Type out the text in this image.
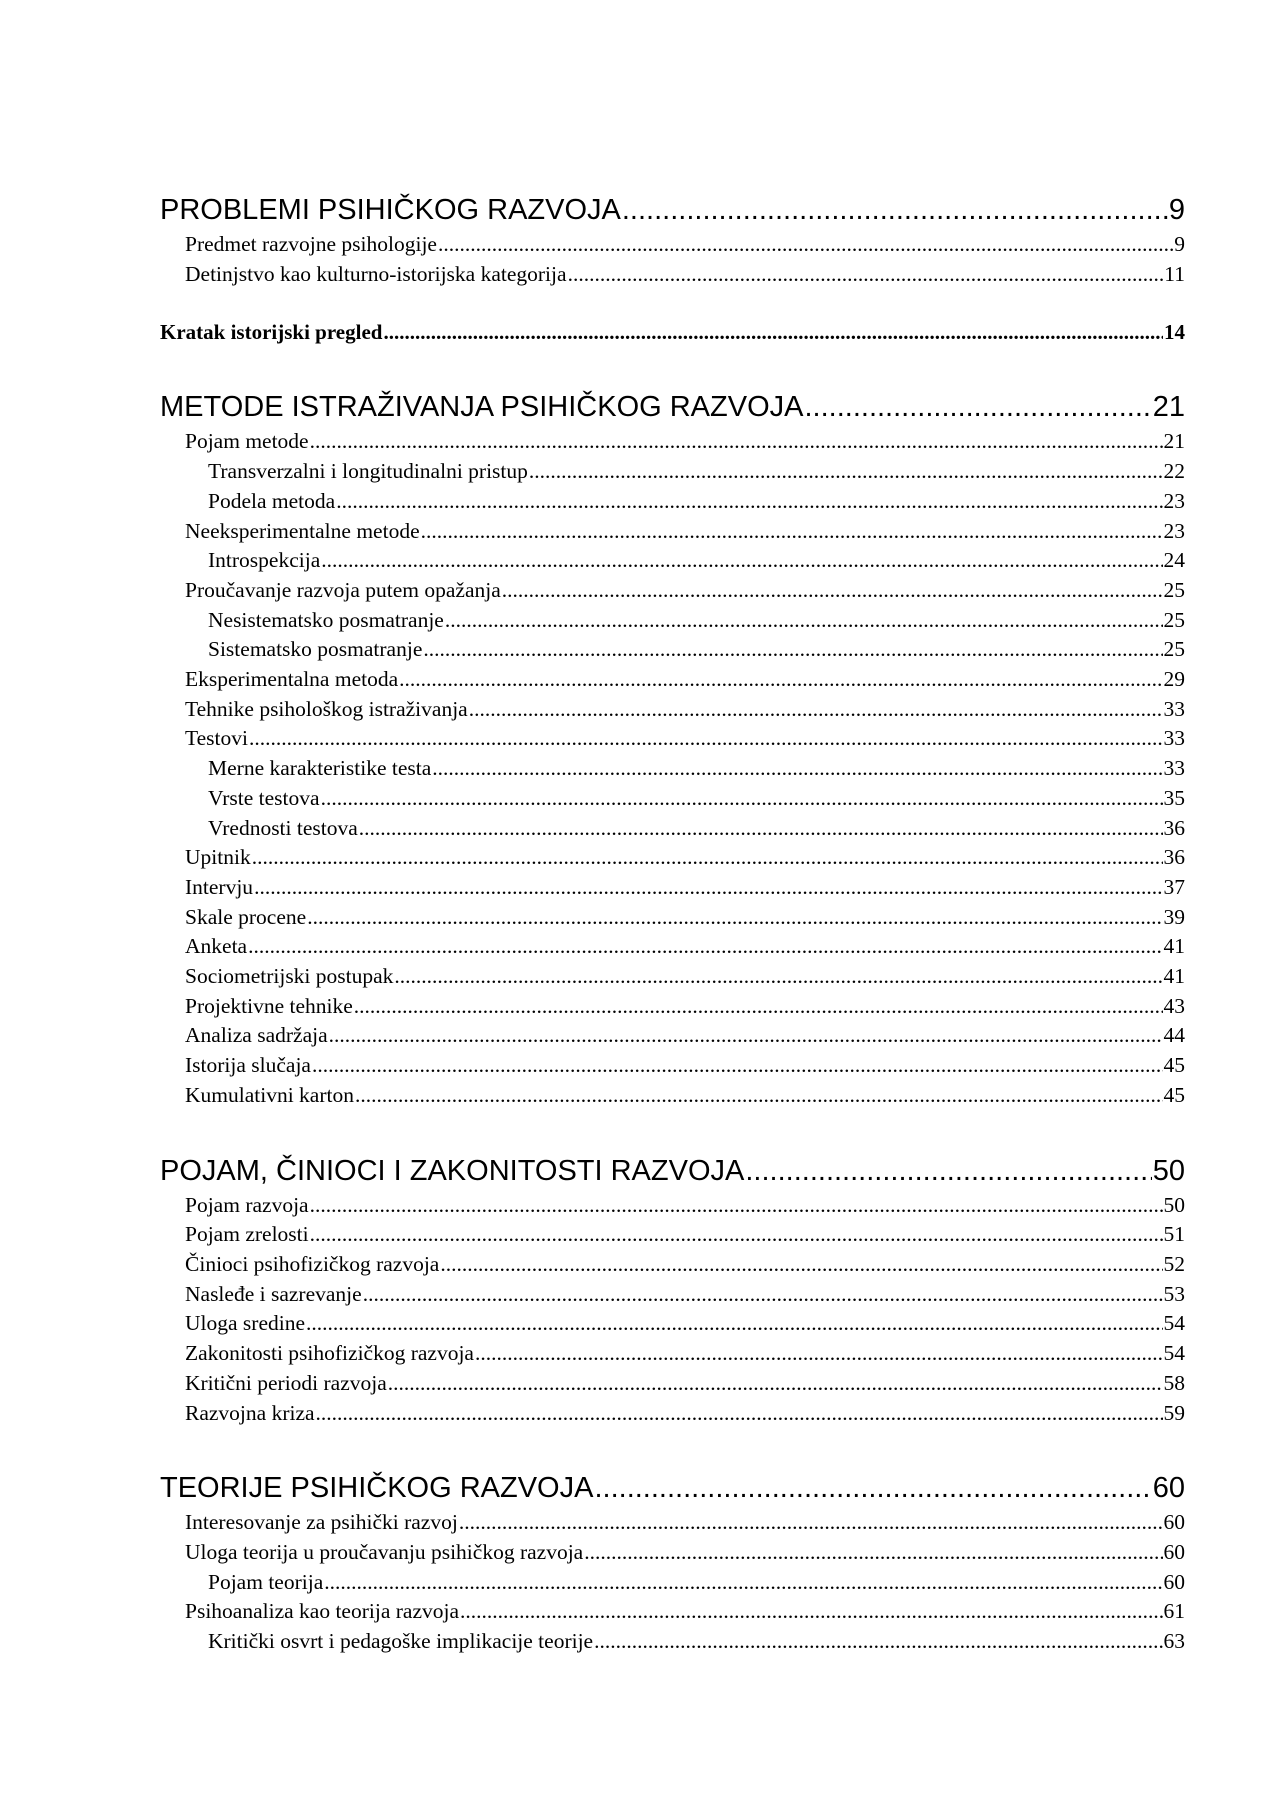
PROBLEMI PSIHIČKOG RAZVOJA .....	9
Predmet razvojne psihologije .....	9
Detinjstvo kao kulturno-istorijska kategorija .....	11
Kratak istorijski pregled .....	14
METODE ISTRAŽIVANJA PSIHIČKOG RAZVOJA .....	21
Pojam metode .....	21
Transverzalni i longitudinalni pristup .....	22
Podela metoda .....	23
Neeksperimentalne metode .....	23
Introspekcija .....	24
Proučavanje razvoja putem opažanja .....	25
Nesistematsko posmatranje .....	25
Sistematsko posmatranje .....	25
Eksperimentalna metoda .....	29
Tehnike psihološkog istraživanja .....	33
Testovi .....	33
Merne karakteristike testa .....	33
Vrste testova .....	35
Vrednosti testova .....	36
Upitnik .....	36
Intervju .....	37
Skale procene .....	39
Anketa .....	41
Sociometrijski postupak .....	41
Projektivne tehnike .....	43
Analiza sadržaja .....	44
Istorija slučaja .....	45
Kumulativni karton .....	45
POJAM, ČINIOCI I ZAKONITOSTI RAZVOJA .....	50
Pojam razvoja .....	50
Pojam zrelosti .....	51
Činioci psihofizičkog razvoja .....	52
Nasleđe i sazrevanje .....	53
Uloga sredine .....	54
Zakonitosti psihofizičkog razvoja .....	54
Kritični periodi razvoja .....	58
Razvojna kriza .....	59
TEORIJE PSIHIČKOG RAZVOJA .....	60
Interesovanje za psihički razvoj .....	60
Uloga teorija u proučavanju psihičkog razvoja .....	60
Pojam teorija .....	60
Psihoanaliza kao teorija razvoja .....	61
Kritički osvrt i pedagoške implikacije teorije .....	63
